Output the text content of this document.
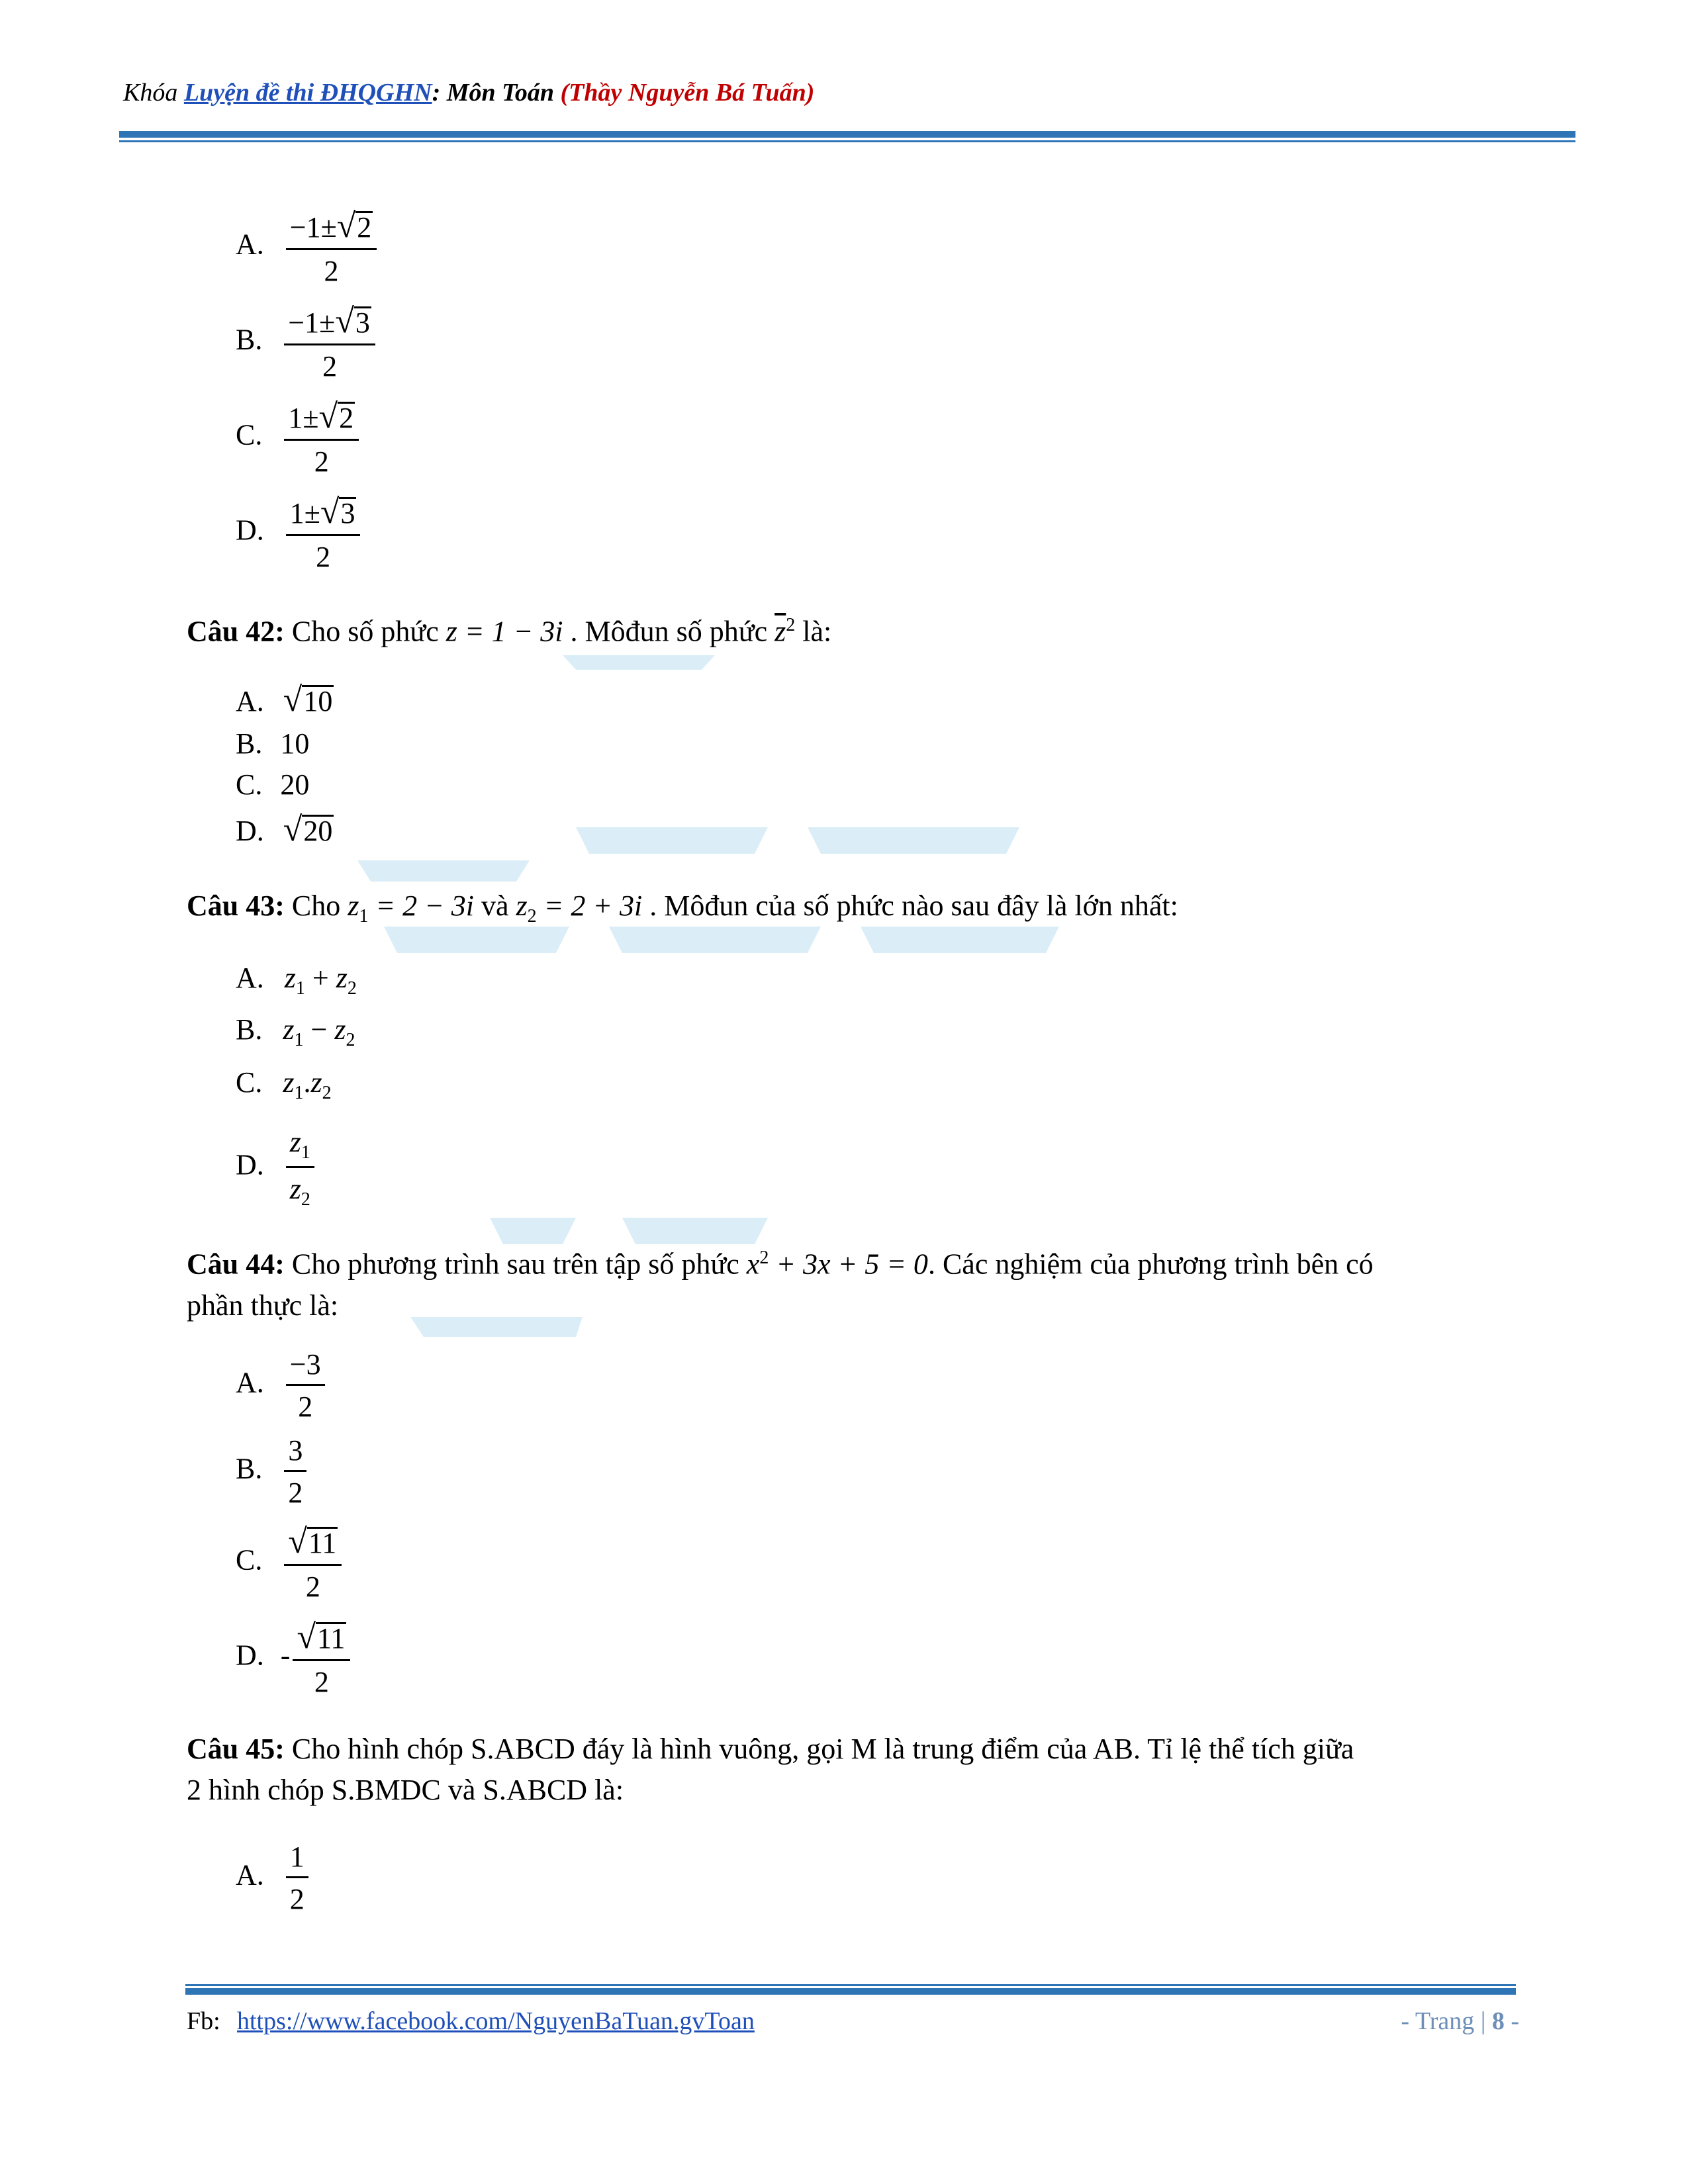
Khóa Luyện đề thi ĐHQGHN: Môn Toán (Thầy Nguyễn Bá Tuấn)
A. $\frac{-1\pm√2}{2}$
B. $\frac{-1\pm√3}{2}$
C. $\frac{1\pm√2}{2}$
D. $\frac{1\pm√3}{2}$
Câu 42: Cho số phức z = 1 − 3i . Môđun số phức $\overline{z}^2$ là:
A. √10
B. 10
C. 20
D. √20
Câu 43: Cho $z_1 = 2 - 3i$ và $z_2 = 2 + 3i$ . Môđun của số phức nào sau đây là lớn nhất:
A. $z_1 + z_2$
B. $z_1 - z_2$
C. $z_1.z_2$
D. $\frac{z_1}{z_2}$
Câu 44: Cho phương trình sau trên tập số phức $x^2 + 3x + 5 = 0$. Các nghiệm của phương trình bên có
phần thực là:
A. $\frac{-3}{2}$
B. $\frac{3}{2}$
C. $\frac{√11}{2}$
D. - $\frac{√11}{2}$
Câu 45: Cho hình chóp S.ABCD đáy là hình vuông, gọi M là trung điểm của AB. Tỉ lệ thể tích giữa
2 hình chóp S.BMDC và S.ABCD là:
A. $\frac{1}{2}$
Fb: https://www.facebook.com/NguyenBaTuan.gvToan	- Trang | 8 -
